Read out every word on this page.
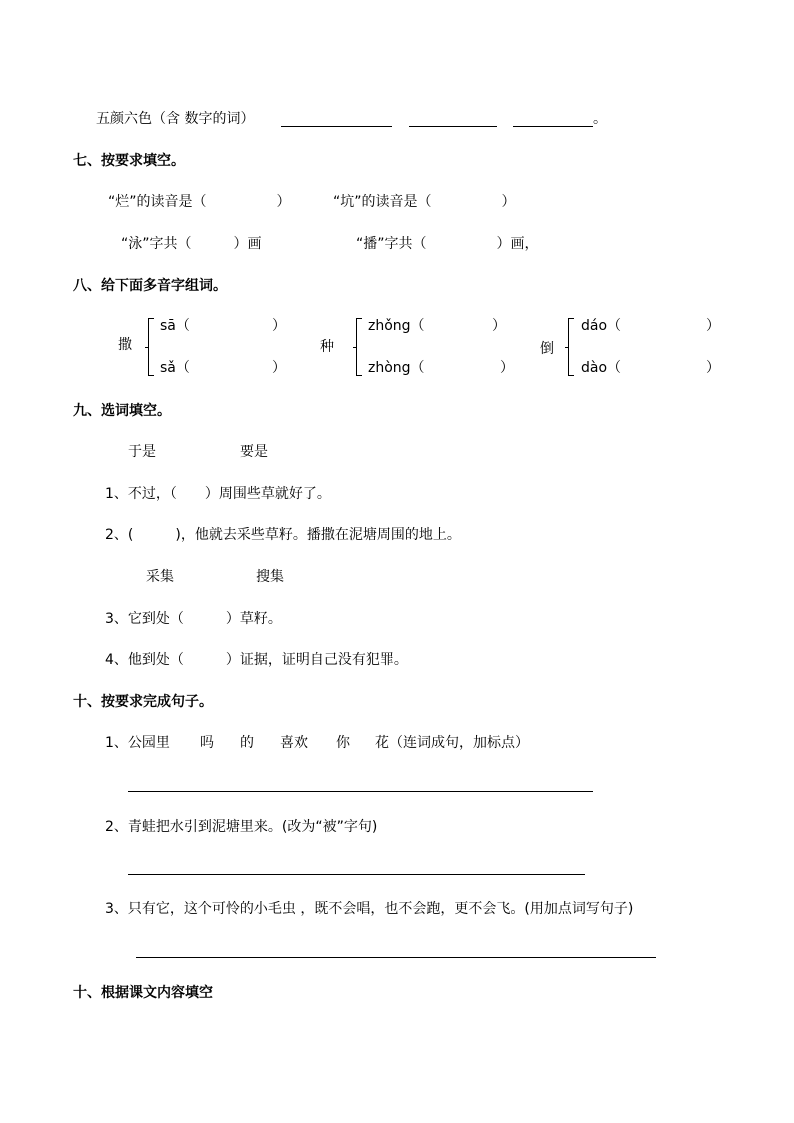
五颜六色（含 数字的词）	。
七、按要求填空。
“烂”的读音是（　　　　　）	“坑”的读音是（　　　　　）
“泳”字共（　　　）画	“播”字共（　　　　　）画，
八、给下面多音字组词。
撒
sā（	）
sǎ（	）
种
zhǒng（	）
zhòng（	）
倒
dáo（	）
dào（	）
九、选词填空。
于是	要是
1、不过，（　　）周围些草就好了。
2、(　　　)，他就去采些草籽。播撒在泥塘周围的地上。
采集	搜集
3、它到处（　　　）草籽。
4、他到处（　　　）证据，证明自己没有犯罪。
十、按要求完成句子。
1、公园里 吗 的 喜欢 你 花（连词成句，加标点）
2、青蛙把水引到泥塘里来。(改为“被”字句)
3、只有它，这个可怜的小毛虫 ，既不会唱，也不会跑，更不会飞。(用加点词写句子)
十、根据课文内容填空
